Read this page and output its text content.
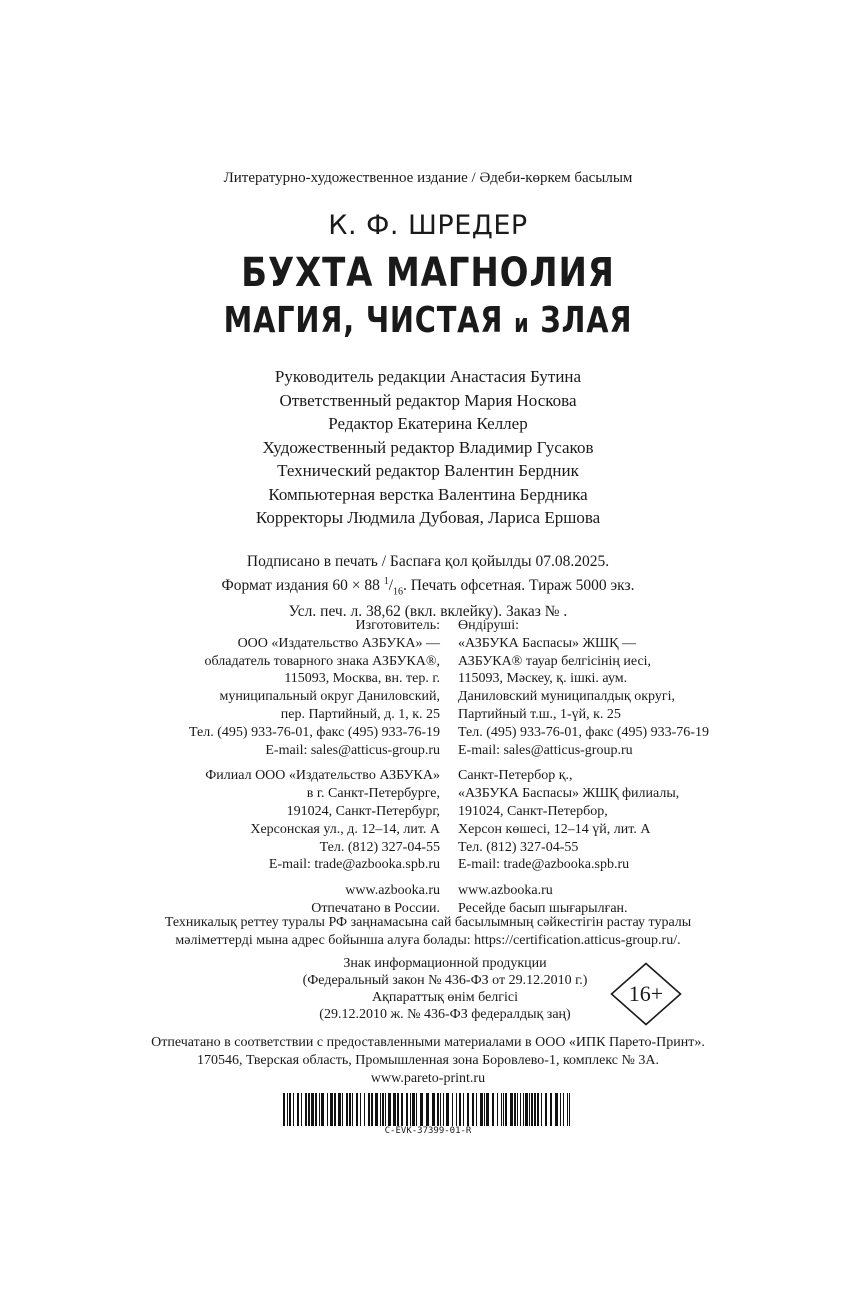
Литературно-художественное издание / Әдеби-көркем басылым
К. Ф. ШРЕДЕР
БУХТА МАГНОЛИЯ
МАГИЯ, ЧИСТАЯ и ЗЛАЯ
Руководитель редакции Анастасия Бутина
Ответственный редактор Мария Носкова
Редактор Екатерина Келлер
Художественный редактор Владимир Гусаков
Технический редактор Валентин Бердник
Компьютерная верстка Валентина Бердника
Корректоры Людмила Дубовая, Лариса Ершова
Подписано в печать / Баспаға қол қойылды 07.08.2025.
Формат издания 60 × 88 $^1/_{16}$. Печать офсетная. Тираж 5000 экз.
Усл. печ. л. 38,62 (вкл. вклейку). Заказ № .
Изготовитель:
ООО «Издательство АЗБУКА» —
обладатель товарного знака АЗБУКА®,
115093, Москва, вн. тер. г.
муниципальный округ Даниловский,
пер. Партийный, д. 1, к. 25
Тел. (495) 933-76-01, факс (495) 933-76-19
E-mail: sales@atticus-group.ru
Филиал ООО «Издательство АЗБУКА»
в г. Санкт-Петербурге,
191024, Санкт-Петербург,
Херсонская ул., д. 12–14, лит. А
Тел. (812) 327-04-55
E-mail: trade@azbooka.spb.ru
www.azbooka.ru
Отпечатано в России.
Өндіруші:
«АЗБУКА Баспасы» ЖШҚ —
АЗБУКА® тауар белгісінің иесі,
115093, Мәскеу, қ. ішкі. аум.
Даниловский муниципалдық округі,
Партийный т.ш., 1-үй, к. 25
Тел. (495) 933-76-01, факс (495) 933-76-19
E-mail: sales@atticus-group.ru
Санкт-Петербор қ.,
«АЗБУКА Баспасы» ЖШҚ филиалы,
191024, Санкт-Петербор,
Херсон көшесі, 12–14 үй, лит. А
Тел. (812) 327-04-55
E-mail: trade@azbooka.spb.ru
www.azbooka.ru
Ресейде басып шығарылған.
Техникалық реттеу туралы РФ заңнамасына сай басылымның сәйкестігін растау туралы
мәліметтерді мына адрес бойынша алуға болады: https://certification.atticus-group.ru/.
Знак информационной продукции
(Федеральный закон № 436-ФЗ от 29.12.2010 г.)
Ақпараттық өнім белгісі
(29.12.2010 ж. № 436-ФЗ федералдық заң)
16+
Отпечатано в соответствии с предоставленными материалами в ООО «ИПК Парето-Принт».
170546, Тверская область, Промышленная зона Боровлево-1, комплекс № 3А.
www.pareto-print.ru
C-EVK-37399-01-R
